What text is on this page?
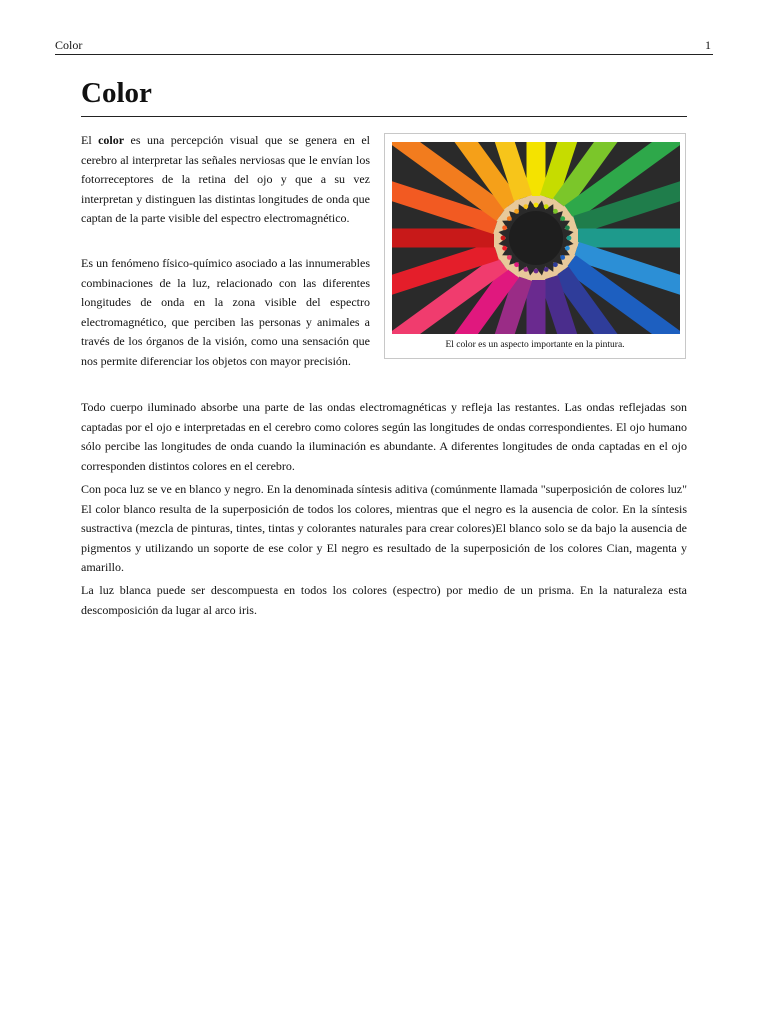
Color	1
Color

El color es una percepción visual que se genera en el cerebro al interpretar las señales nerviosas que le envían los fotorreceptores de la retina del ojo y que a su vez interpretan y distinguen las distintas longitudes de onda que captan de la parte visible del espectro electromagnético.

Es un fenómeno físico-químico asociado a las innumerables combinaciones de la luz, relacionado con las diferentes longitudes de onda en la zona visible del espectro electromagnético, que perciben las personas y animales a través de los órganos de la visión, como una sensación que nos permite diferenciar los objetos con mayor precisión.

El color es un aspecto importante en la pintura.

Todo cuerpo iluminado absorbe una parte de las ondas electromagnéticas y refleja las restantes. Las ondas reflejadas son captadas por el ojo e interpretadas en el cerebro como colores según las longitudes de ondas correspondientes. El ojo humano sólo percibe las longitudes de onda cuando la iluminación es abundante. A diferentes longitudes de onda captadas en el ojo corresponden distintos colores en el cerebro.

Con poca luz se ve en blanco y negro. En la denominada síntesis aditiva (comúnmente llamada "superposición de colores luz" El color blanco resulta de la superposición de todos los colores, mientras que el negro es la ausencia de color. En la síntesis sustractiva (mezcla de pinturas, tintes, tintas y colorantes naturales para crear colores)El blanco solo se da bajo la ausencia de pigmentos y utilizando un soporte de ese color y El negro es resultado de la superposición de los colores Cian, magenta y amarillo.

La luz blanca puede ser descompuesta en todos los colores (espectro) por medio de un prisma. En la naturaleza esta descomposición da lugar al arco iris.
